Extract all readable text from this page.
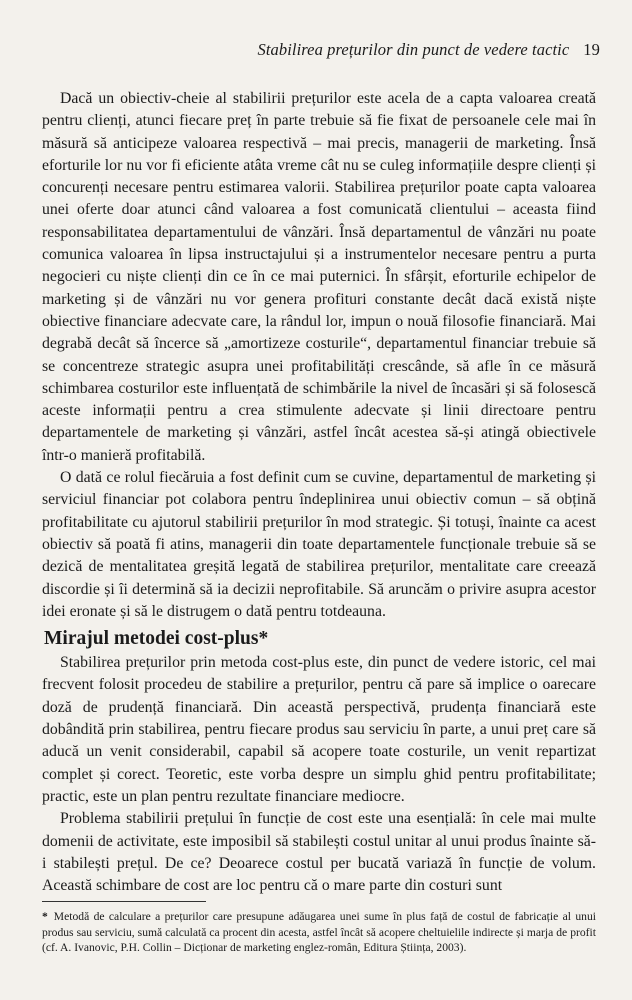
Stabilirea prețurilor din punct de vedere tactic 19

Dacă un obiectiv-cheie al stabilirii prețurilor este acela de a capta valoarea creată pentru clienți, atunci fiecare preț în parte trebuie să fie fixat de persoanele cele mai în măsură să anticipeze valoarea respectivă – mai precis, managerii de marketing. Însă eforturile lor nu vor fi eficiente atâta vreme cât nu se culeg informațiile despre clienți și concurenți necesare pentru estimarea valorii. Stabilirea prețurilor poate capta valoarea unei oferte doar atunci când valoarea a fost comunicată clientului – aceasta fiind responsabilitatea departamentului de vânzări. Însă departamentul de vânzări nu poate comunica valoarea în lipsa instructajului și a instrumentelor necesare pentru a purta negocieri cu niște clienți din ce în ce mai puternici. În sfârșit, eforturile echipelor de marketing și de vânzări nu vor genera profituri constante decât dacă există niște obiective financiare adecvate care, la rândul lor, impun o nouă filosofie financiară. Mai degrabă decât să încerce să „amortizeze costurile“, departamentul financiar trebuie să se concentreze strategic asupra unei profitabilități crescânde, să afle în ce măsură schimbarea costurilor este influențată de schimbările la nivel de încasări și să folosescă aceste informații pentru a crea stimulente adecvate și linii directoare pentru departamentele de marketing și vânzări, astfel încât acestea să-și atingă obiectivele într-o manieră profitabilă.

O dată ce rolul fiecăruia a fost definit cum se cuvine, departamentul de marketing și serviciul financiar pot colabora pentru îndeplinirea unui obiectiv comun – să obțină profitabilitate cu ajutorul stabilirii prețurilor în mod strategic. Și totuși, înainte ca acest obiectiv să poată fi atins, managerii din toate departamentele funcționale trebuie să se dezică de mentalitatea greșită legată de stabilirea prețurilor, mentalitate care creează discordie și îi determină să ia decizii neprofitabile. Să aruncăm o privire asupra acestor idei eronate și să le distrugem o dată pentru totdeauna.

Mirajul metodei cost-plus*

Stabilirea prețurilor prin metoda cost-plus este, din punct de vedere istoric, cel mai frecvent folosit procedeu de stabilire a prețurilor, pentru că pare să implice o oarecare doză de prudență financiară. Din această perspectivă, prudența financiară este dobândită prin stabilirea, pentru fiecare produs sau serviciu în parte, a unui preț care să aducă un venit considerabil, capabil să acopere toate costurile, un venit repartizat complet și corect. Teoretic, este vorba despre un simplu ghid pentru profitabilitate; practic, este un plan pentru rezultate financiare mediocre.

Problema stabilirii prețului în funcție de cost este una esențială: în cele mai multe domenii de activitate, este imposibil să stabilești costul unitar al unui produs înainte să-i stabilești prețul. De ce? Deoarece costul per bucată variază în funcție de volum. Această schimbare de cost are loc pentru că o mare parte din costuri sunt

* Metodă de calculare a prețurilor care presupune adăugarea unei sume în plus față de costul de fabricație al unui produs sau serviciu, sumă calculată ca procent din acesta, astfel încât să acopere cheltuielile indirecte și marja de profit (cf. A. Ivanovic, P.H. Collin – Dicționar de marketing englez-român, Editura Știința, 2003).
